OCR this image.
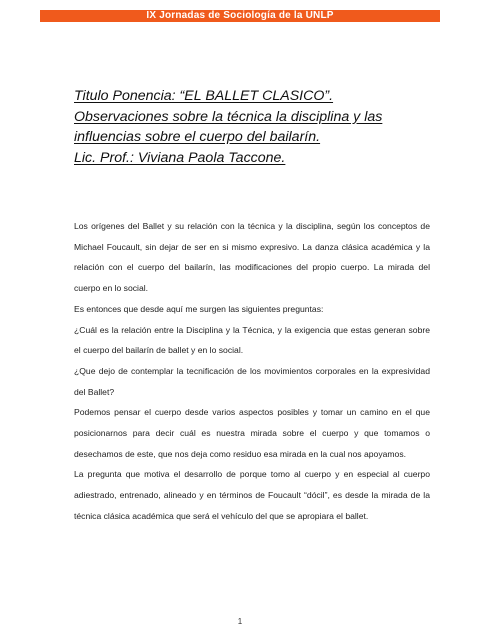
IX Jornadas de Sociología de la UNLP
Titulo Ponencia: “EL BALLET CLASICO”.
Observaciones sobre la técnica la disciplina y las
influencias sobre el cuerpo del bailarín.
Lic. Prof.: Viviana Paola Taccone.

Los orígenes del Ballet y su relación con la técnica y la disciplina, según los conceptos de Michael Foucault, sin dejar de ser en si mismo expresivo. La danza clásica académica y la relación con el cuerpo del bailarín, las modificaciones del propio cuerpo. La mirada del cuerpo en lo social.

Es entonces que desde aquí me surgen las siguientes preguntas:

¿Cuál es la relación entre la Disciplina y la Técnica, y la exigencia que estas generan sobre el cuerpo del bailarín de ballet y en lo social.

¿Que dejo de contemplar la tecnificación de los movimientos corporales en la expresividad del Ballet?

Podemos pensar el cuerpo desde varios aspectos posibles y tomar un camino en el que posicionarnos para decir cuál es nuestra mirada sobre el cuerpo y que tomamos o desechamos de este, que nos deja como residuo esa mirada en la cual nos apoyamos.

La pregunta que motiva el desarrollo de porque tomo al cuerpo y en especial al cuerpo adiestrado, entrenado, alineado y en términos de Foucault “dócil”, es desde la mirada de la técnica clásica académica que será el vehículo del que se apropiara el ballet.

1
